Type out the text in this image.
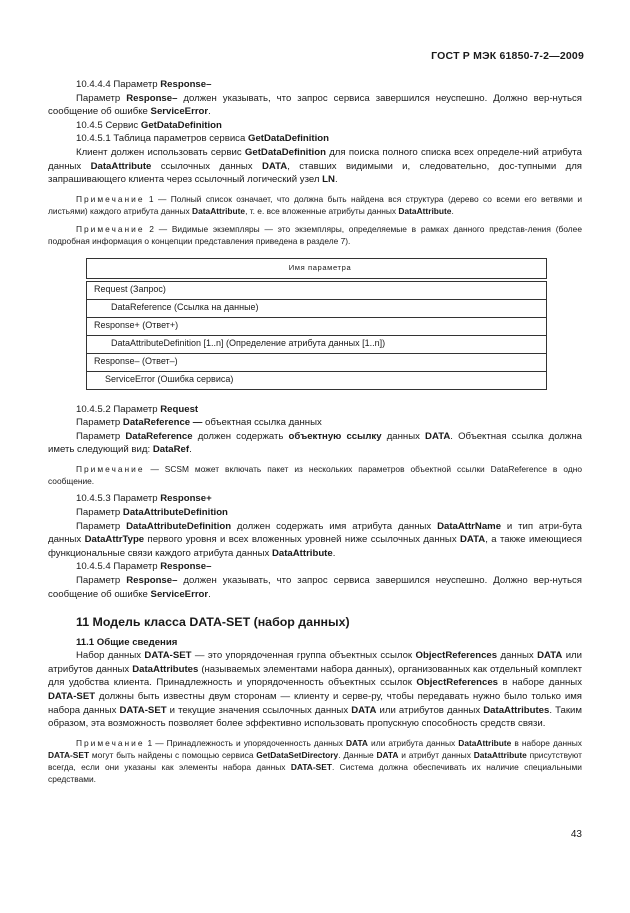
ГОСТ Р МЭК 61850-7-2—2009

10.4.4.4 Параметр Response–

Параметр Response– должен указывать, что запрос сервиса завершился неуспешно. Должно вер-нуться сообщение об ошибке ServiceError.

10.4.5 Сервис GetDataDefinition

10.4.5.1 Таблица параметров сервиса GetDataDefinition

Клиент должен использовать сервис GetDataDefinition для поиска полного списка всех определе-ний атрибута данных DataAttribute ссылочных данных DATA, ставших видимыми и, следовательно, дос-тупными для запрашивающего клиента через ссылочный логический узел LN.

Примечание 1 — Полный список означает, что должна быть найдена вся структура (дерево со всеми его ветвями и листьями) каждого атрибута данных DataAttribute, т. е. все вложенные атрибуты данных DataAttribute.

Примечание 2 — Видимые экземпляры — это экземпляры, определяемые в рамках данного представ-ления (более подробная информация о концепции представления приведена в разделе 7).

Имя параметра

Request (Запрос)
DataReference (Ссылка на данные)
Response+ (Ответ+)
DataAttributeDefinition [1..n] (Определение атрибута данных [1..n])
Response– (Ответ–)
ServiceError (Ошибка сервиса)

10.4.5.2 Параметр Request

Параметр DataReference — объектная ссылка данных

Параметр DataReference должен содержать объектную ссылку данных DATA. Объектная ссылка должна иметь следующий вид: DataRef.

Примечание — SCSM может включать пакет из нескольких параметров объектной ссылки DataReference в одно сообщение.

10.4.5.3 Параметр Response+

Параметр DataAttributeDefinition

Параметр DataAttributeDefinition должен содержать имя атрибута данных DataAttrName и тип атри-бута данных DataAttrType первого уровня и всех вложенных уровней ниже ссылочных данных DATA, а также имеющиеся функциональные связи каждого атрибута данных DataAttribute.

10.4.5.4 Параметр Response–

Параметр Response– должен указывать, что запрос сервиса завершился неуспешно. Должно вер-нуться сообщение об ошибке ServiceError.

11 Модель класса DATA-SET (набор данных)
11.1 Общие сведения

Набор данных DATA-SET — это упорядоченная группа объектных ссылок ObjectReferences данных DATA или атрибутов данных DataAttributes (называемых элементами набора данных), организованных как отдельный комплект для удобства клиента. Принадлежность и упорядоченность объектных ссылок ObjectReferences в наборе данных DATA-SET должны быть известны двум сторонам — клиенту и серве-ру, чтобы передавать нужно было только имя набора данных DATA-SET и текущие значения ссылочных данных DATA или атрибутов данных DataAttributes. Таким образом, эта возможность позволяет более эффективно использовать пропускную способность средств связи.

Примечание 1 — Принадлежность и упорядоченность данных DATA или атрибута данных DataAttribute в наборе данных DATA-SET могут быть найдены с помощью сервиса GetDataSetDirectory. Данные DATA и атрибут данных DataAttribute присутствуют всегда, если они указаны как элементы набора данных DATA-SET. Система должна обеспечивать их наличие специальными средствами.

43
